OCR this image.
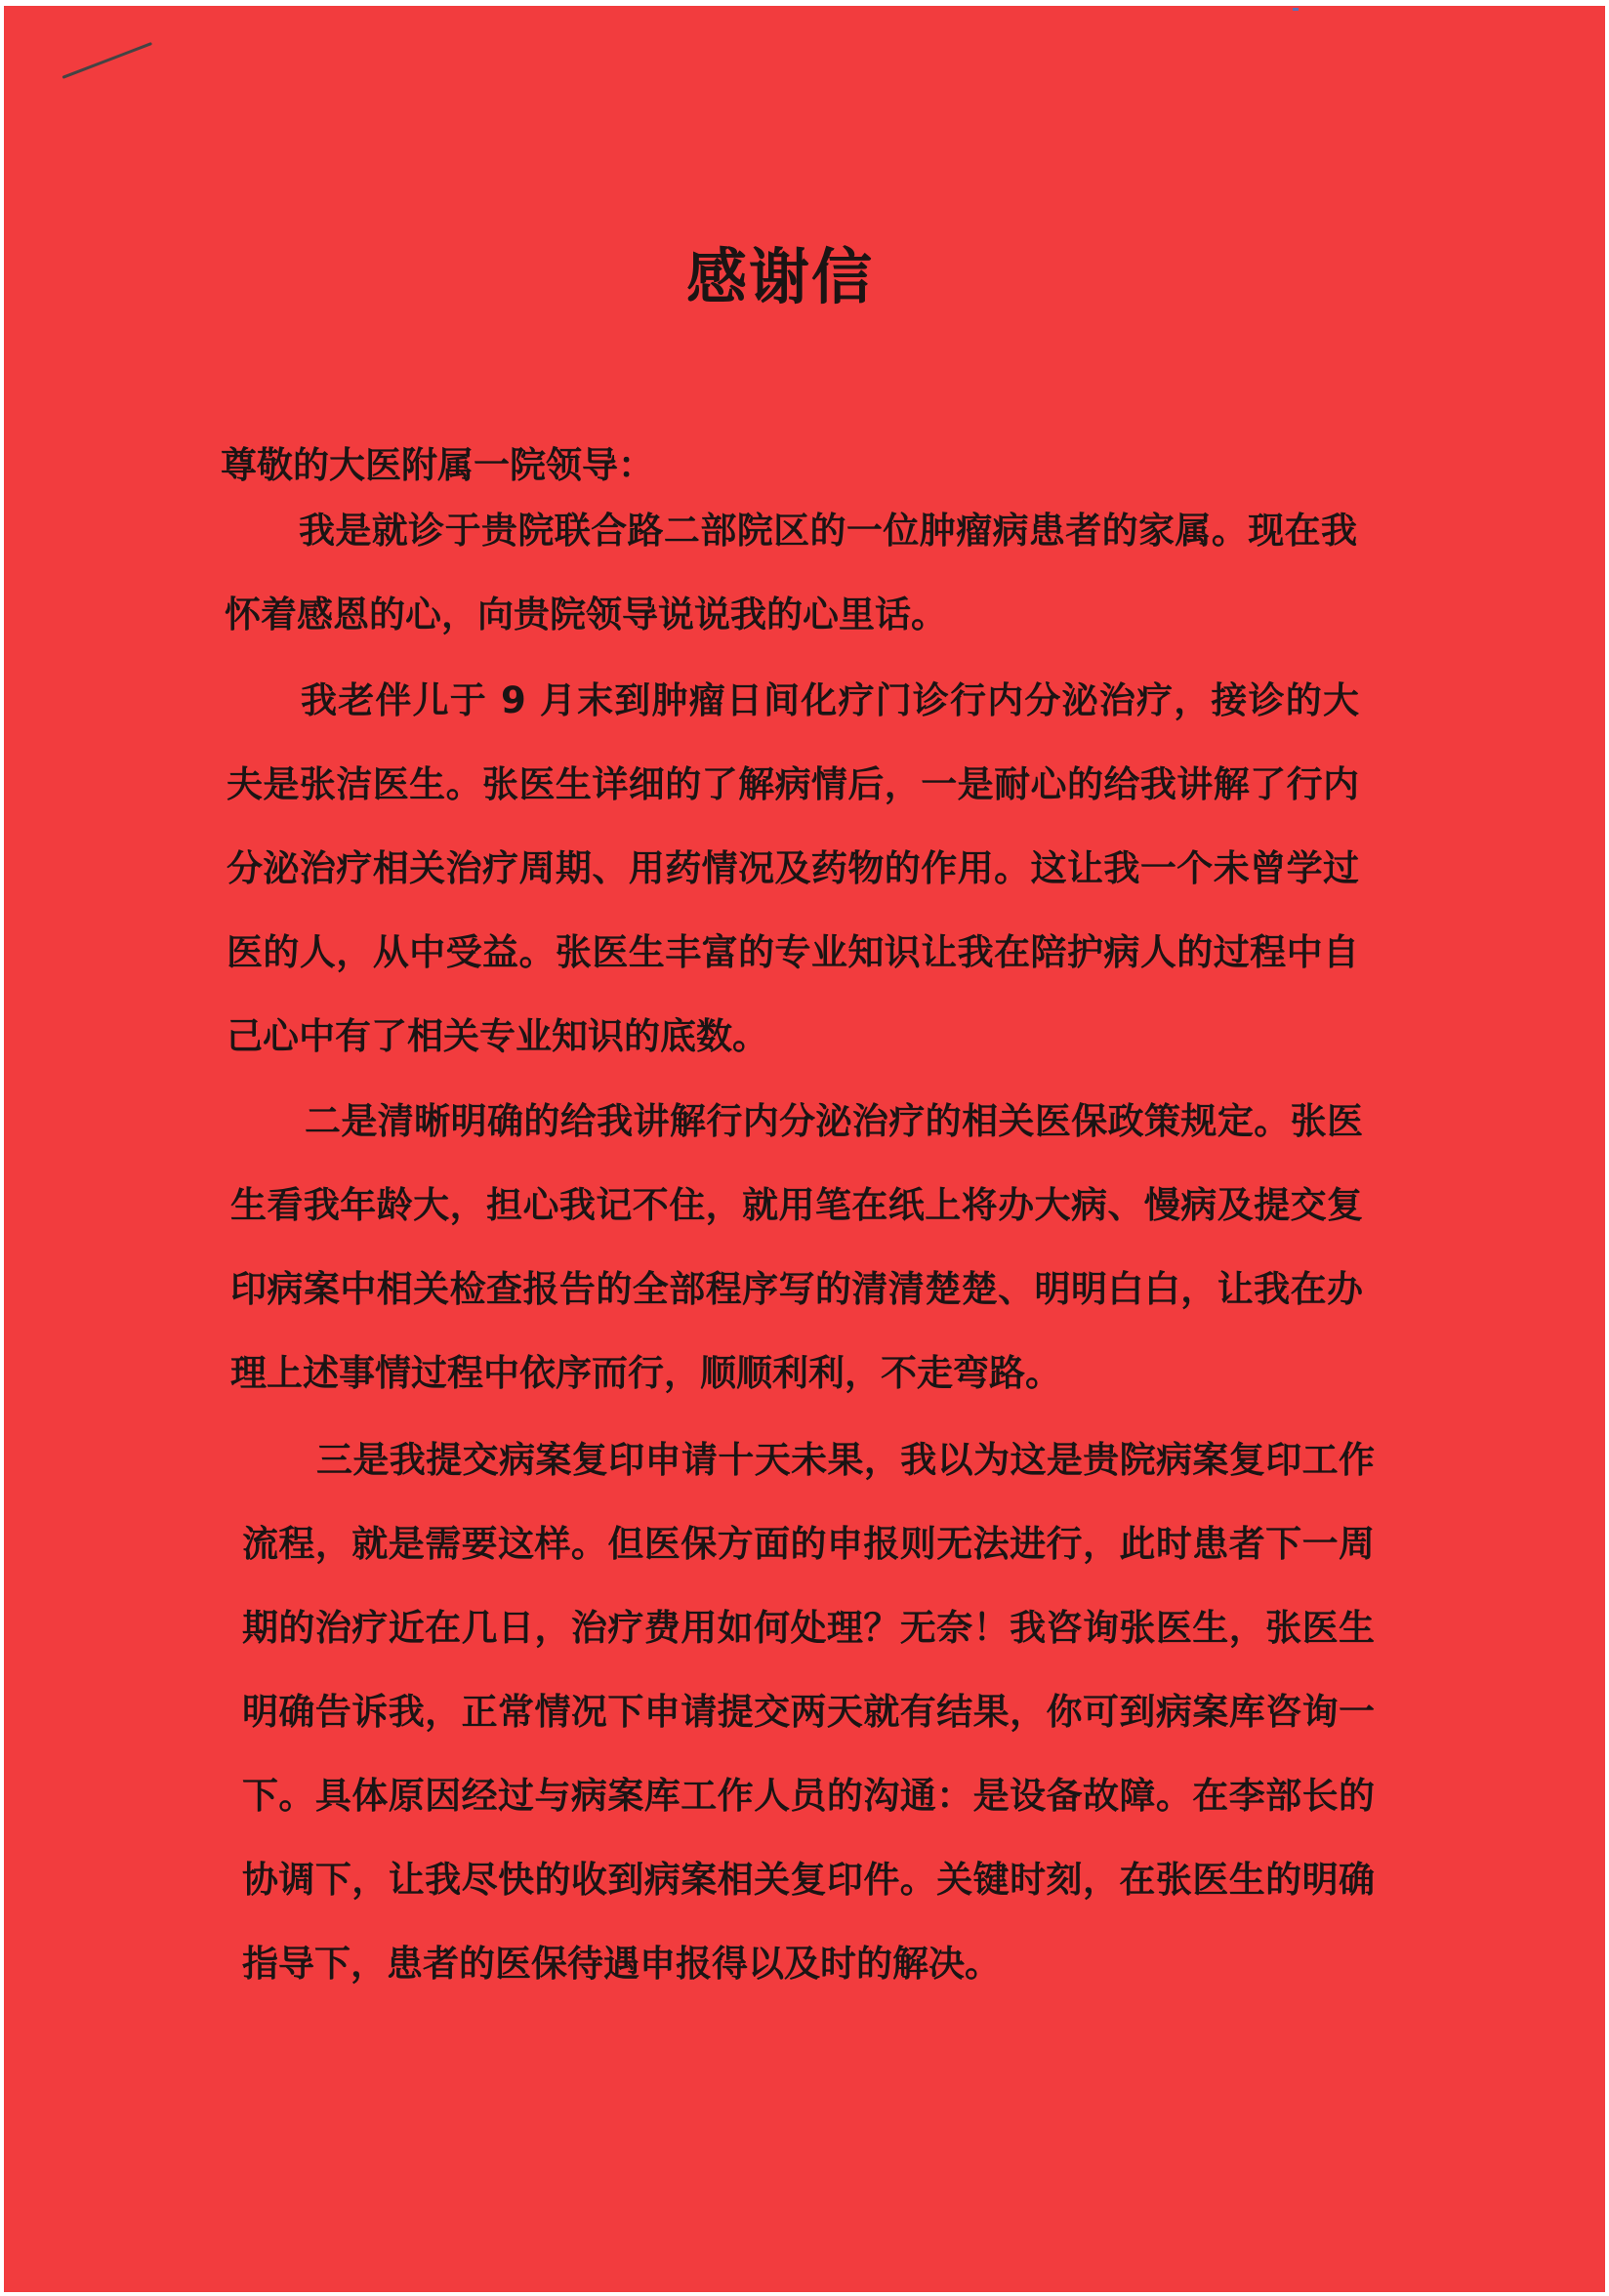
感谢信

尊敬的大医附属一院领导：

我是就诊于贵院联合路二部院区的一位肿瘤病患者的家属。现在我怀着感恩的心，向贵院领导说说我的心里话。

我老伴儿于 9 月末到肿瘤日间化疗门诊行内分泌治疗，接诊的大夫是张洁医生。张医生详细的了解病情后，一是耐心的给我讲解了行内分泌治疗相关治疗周期、用药情况及药物的作用。这让我一个未曾学过医的人，从中受益。张医生丰富的专业知识让我在陪护病人的过程中自己心中有了相关专业知识的底数。

二是清晰明确的给我讲解行内分泌治疗的相关医保政策规定。张医生看我年龄大，担心我记不住，就用笔在纸上将办大病、慢病及提交复印病案中相关检查报告的全部程序写的清清楚楚、明明白白，让我在办理上述事情过程中依序而行，顺顺利利，不走弯路。

三是我提交病案复印申请十天未果，我以为这是贵院病案复印工作流程，就是需要这样。但医保方面的申报则无法进行，此时患者下一周期的治疗近在几日，治疗费用如何处理？无奈！我咨询张医生，张医生明确告诉我，正常情况下申请提交两天就有结果，你可到病案库咨询一下。具体原因经过与病案库工作人员的沟通：是设备故障。在李部长的协调下，让我尽快的收到病案相关复印件。关键时刻，在张医生的明确指导下，患者的医保待遇申报得以及时的解决。
